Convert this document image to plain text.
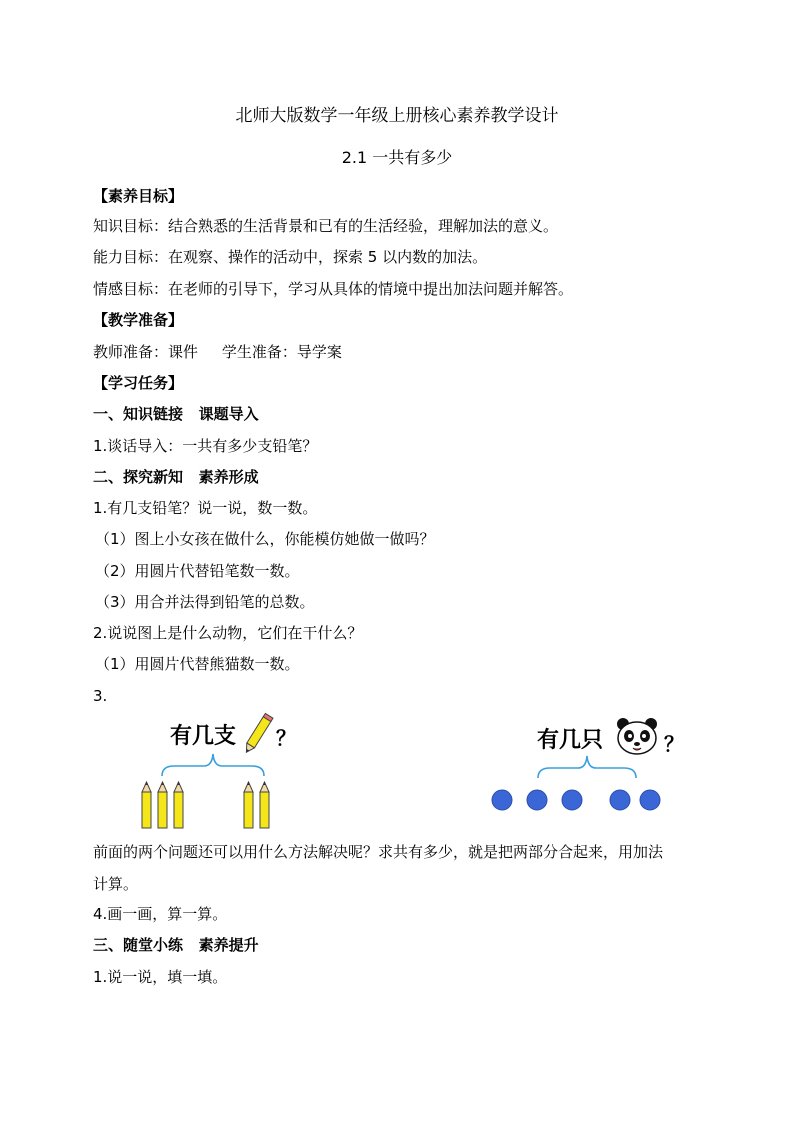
北师大版数学一年级上册核心素养教学设计
2.1 一共有多少
【素养目标】
知识目标：结合熟悉的生活背景和已有的生活经验，理解加法的意义。
能力目标：在观察、操作的活动中，探索 5 以内数的加法。
情感目标：在老师的引导下，学习从具体的情境中提出加法问题并解答。
【教学准备】
教师准备：课件     学生准备：导学案
【学习任务】
一、知识链接   课题导入
1.谈话导入：一共有多少支铅笔？
二、探究新知   素养形成
1.有几支铅笔？说一说，数一数。
（1）图上小女孩在做什么，你能模仿她做一做吗？
（2）用圆片代替铅笔数一数。
（3）用合并法得到铅笔的总数。
2.说说图上是什么动物，它们在干什么？
（1）用圆片代替熊猫数一数。
3.
有几支 ？	有几只	？
前面的两个问题还可以用什么方法解决呢？求共有多少，就是把两部分合起来，用加法
计算。
4.画一画，算一算。
三、随堂小练   素养提升
1.说一说，填一填。
